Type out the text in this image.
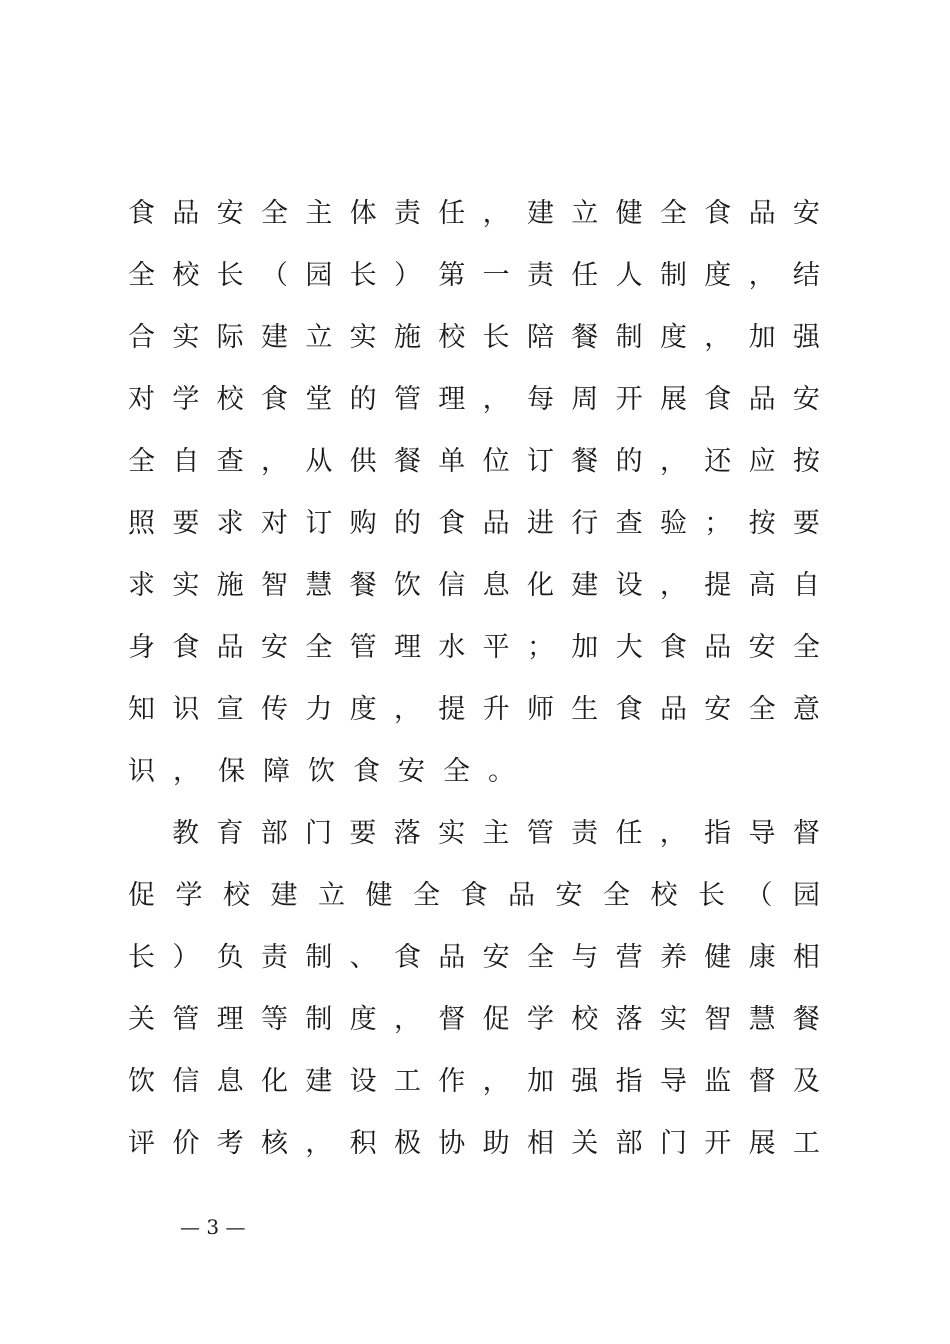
食 品 安 全 主 体 责 任 ， 建 立 健 全 食 品 安
全 校 长 （ 园 长 ） 第 一 责 任 人 制 度 ， 结
合 实 际 建 立 实 施 校 长 陪 餐 制 度 ， 加 强
对 学 校 食 堂 的 管 理 ， 每 周 开 展 食 品 安
全 自 查 ， 从 供 餐 单 位 订 餐 的 ， 还 应 按
照 要 求 对 订 购 的 食 品 进 行 查 验 ； 按 要
求 实 施 智 慧 餐 饮 信 息 化 建 设 ， 提 高 自
身 食 品 安 全 管 理 水 平 ； 加 大 食 品 安 全
知 识 宣 传 力 度 ， 提 升 师 生 食 品 安 全 意
识 ， 保 障 饮 食 安 全 。
教 育 部 门 要 落 实 主 管 责 任 ， 指 导 督
促 学 校 建 立 健 全 食 品 安 全 校 长 （ 园
长 ） 负 责 制 、 食 品 安 全 与 营 养 健 康 相
关 管 理 等 制 度 ， 督 促 学 校 落 实 智 慧 餐
饮 信 息 化 建 设 工 作 ， 加 强 指 导 监 督 及
评 价 考 核 ， 积 极 协 助 相 关 部 门 开 展 工
— 3 —
